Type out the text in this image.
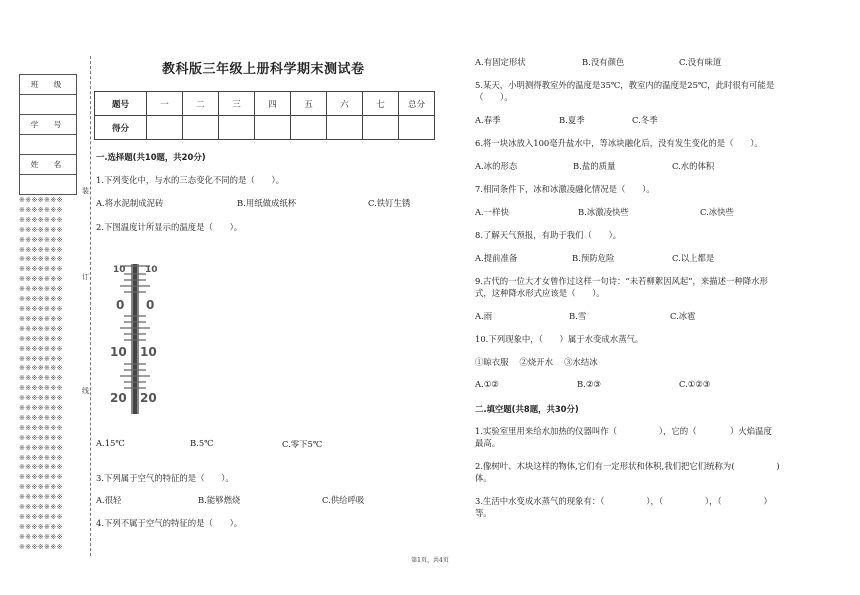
班　级

学　号

姓　名

※※※※※※※
※※※※※※※
※※※※※※※
※※※※※※※
※※※※※※※
※※※※※※※
※※※※※※※
※※※※※※※
※※※※※※※
※※※※※※※
※※※※※※※
※※※※※※※
※※※※※※※
※※※※※※※
※※※※※※※
※※※※※※※
※※※※※※※
※※※※※※※
※※※※※※※
※※※※※※※
※※※※※※※
※※※※※※※
※※※※※※※
※※※※※※※
※※※※※※※
※※※※※※※
※※※※※※※
※※※※※※※
※※※※※※※
※※※※※※※
※※※※※※※
※※※※※※※
※※※※※※※
※※※※※※※
※※※※※※※
※※※※※※※
装
订
线
教科版三年级上册科学期末测试卷
题号	一	二	三	四	五	六	七	总分
得分								
一.选择题(共10题，共20分)
1.下列变化中，与水的三态变化不同的是（　　）。
A.将水泥制成泥砖	B.用纸做成纸杯	C.铁钉生锈
2.下图温度计所显示的温度是（　　）。
10 10
0 0
10 10
20 20
A.15℃	B.5℃	C.零下5℃
3.下列属于空气的特征的是（　　）。
A.很轻	B.能够燃烧	C.供给呼吸
4.下列不属于空气的特征的是（　　）。
A.有固定形状	B.没有颜色	C.没有味道
5.某天，小明测得教室外的温度是35℃，教室内的温度是25℃，此时很有可能是
（　　）。
A.春季	B.夏季	C.冬季
6.将一块冰放入100毫升盐水中，等冰块融化后，没有发生变化的是（　　）。
A.冰的形态	B.盐的质量	C.水的体积
7.相同条件下，冰和冰激凌融化情况是（　　）。
A.一样快	B.冰激凌快些	C.冰快些
8.了解天气预报，有助于我们（　　）。
A.提前准备	B.预防危险	C.以上都是
9.古代的一位大才女曾作过这样一句诗：“未若柳絮因风起”，来描述一种降水形
式，这种降水形式应该是（　　）。
A.雨	B.雪	C.冰雹
10.下列现象中，（　　）属于水变成水蒸气。
①晾衣服　 ②烧开水　 ③水结冰
A.①②	B.②③	C.①②③
二.填空题(共8题，共30分)
1.实验室里用来给水加热的仪器叫作（　　　　　），它的（　　　　）火焰温度
最高。
2.像树叶、木块这样的物体,它们有一定形状和体积,我们把它们统称为(　　　　　)
体。
3.生活中水变成水蒸气的现象有：（　　　　　），（　　　　　），（　　　　　）
等。
第1页，共4页
